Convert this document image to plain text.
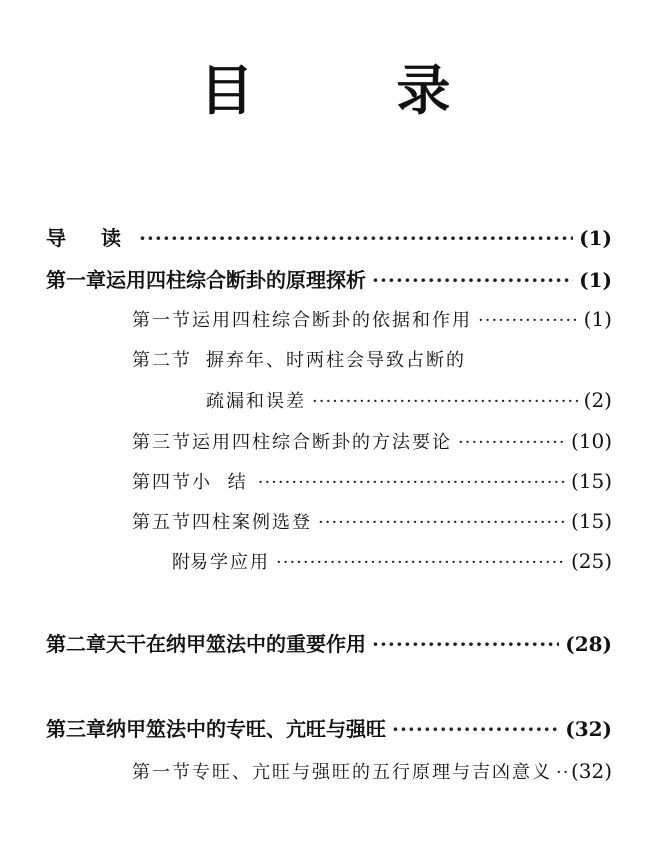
目 录
导 读 ·····	(1)
第一章 运用四柱综合断卦的原理探析 ·····	(1)
第一节 运用四柱综合断卦的依据和作用 ·····	(1)
第二节 摒弃年、时两柱会导致占断的
疏漏和误差 ·····	(2)
第三节 运用四柱综合断卦的方法要论 ·····	(10)
第四节 小 结 ·····	(15)
第五节 四柱案例选登 ·····	(15)
附 易学应用 ·····	(25)
第二章 天干在纳甲筮法中的重要作用 ·····	(28)
第三章 纳甲筮法中的专旺、亢旺与强旺 ·····	(32)
第一节 专旺、亢旺与强旺的五行原理与吉凶意义 ····· (32)
